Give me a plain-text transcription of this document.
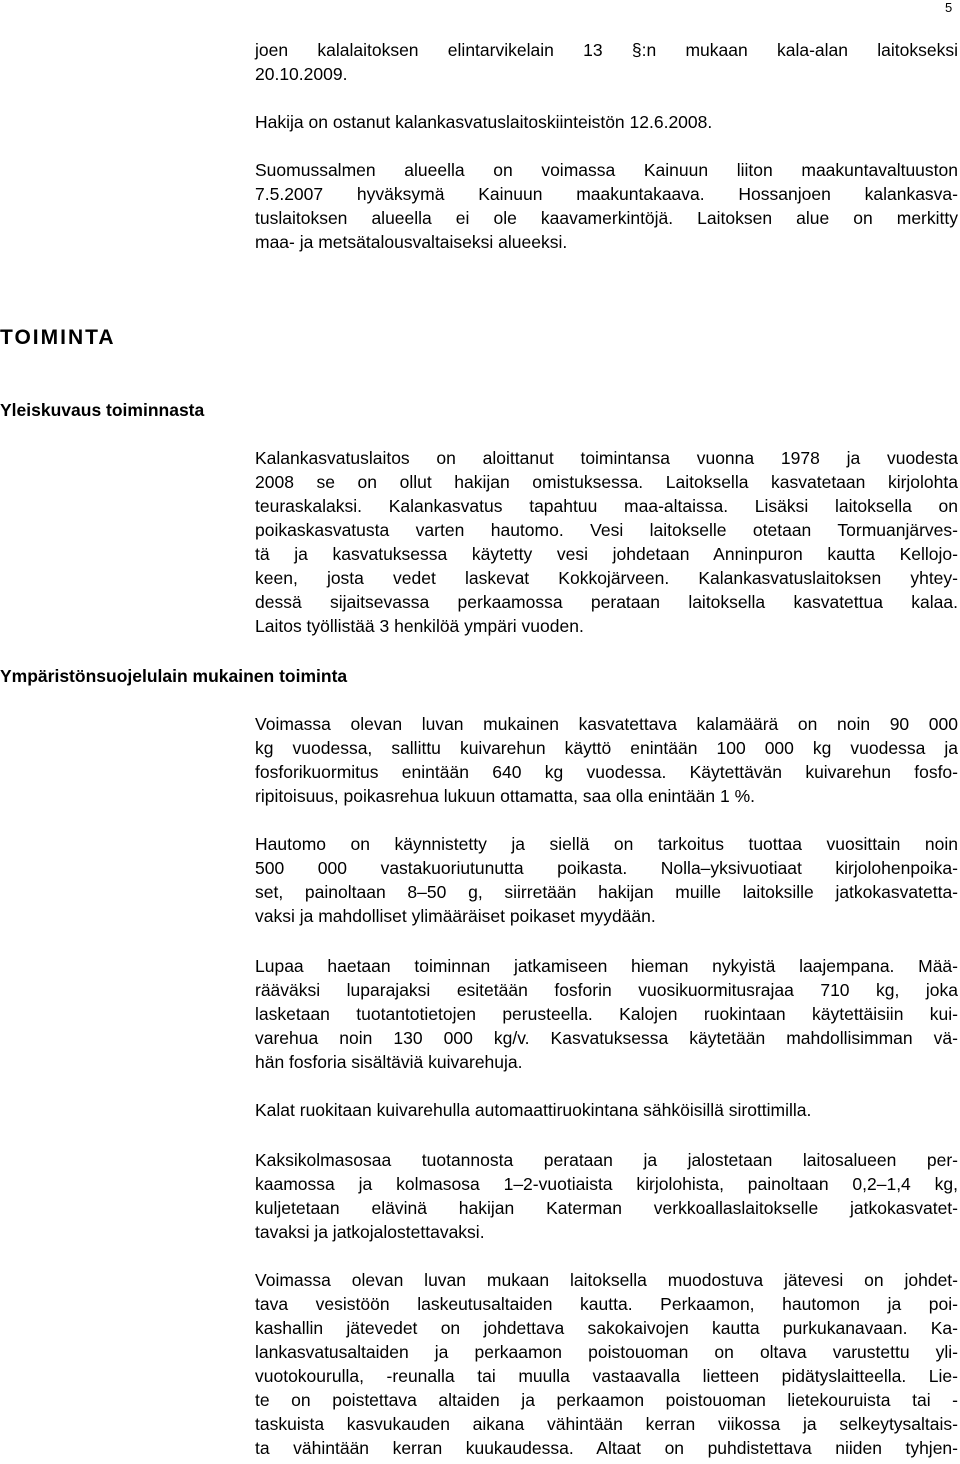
5

joen kalalaitoksen elintarvikelain 13 §:n mukaan kala-alan laitokseksi
20.10.2009.

Hakija on ostanut kalankasvatuslaitoskiinteistön 12.6.2008.

Suomussalmen alueella on voimassa Kainuun liiton maakuntavaltuuston
7.5.2007 hyväksymä Kainuun maakuntakaava. Hossanjoen kalankasva-
tuslaitoksen alueella ei ole kaavamerkintöjä. Laitoksen alue on merkitty
maa- ja metsätalousvaltaiseksi alueeksi.

TOIMINTA
Yleiskuvaus toiminnasta

Kalankasvatuslaitos on aloittanut toimintansa vuonna 1978 ja vuodesta
2008 se on ollut hakijan omistuksessa. Laitoksella kasvatetaan kirjolohta
teuraskalaksi. Kalankasvatus tapahtuu maa-altaissa. Lisäksi laitoksella on
poikaskasvatusta varten hautomo. Vesi laitokselle otetaan Tormuanjärves-
tä ja kasvatuksessa käytetty vesi johdetaan Anninpuron kautta Kellojo-
keen, josta vedet laskevat Kokkojärveen. Kalankasvatuslaitoksen yhtey-
dessä sijaitsevassa perkaamossa perataan laitoksella kasvatettua kalaa.
Laitos työllistää 3 henkilöä ympäri vuoden.

Ympäristönsuojelulain mukainen toiminta

Voimassa olevan luvan mukainen kasvatettava kalamäärä on noin 90 000
kg vuodessa, sallittu kuivarehun käyttö enintään 100 000 kg vuodessa ja
fosforikuormitus enintään 640 kg vuodessa. Käytettävän kuivarehun fosfo-
ripitoisuus, poikasrehua lukuun ottamatta, saa olla enintään 1 %.

Hautomo on käynnistetty ja siellä on tarkoitus tuottaa vuosittain noin
500 000 vastakuoriutunutta poikasta. Nolla–yksivuotiaat kirjolohenpoika-
set, painoltaan 8–50 g, siirretään hakijan muille laitoksille jatkokasvatetta-
vaksi ja mahdolliset ylimääräiset poikaset myydään.

Lupaa haetaan toiminnan jatkamiseen hieman nykyistä laajempana. Mää-
rääväksi luparajaksi esitetään fosforin vuosikuormitusrajaa 710 kg, joka
lasketaan tuotantotietojen perusteella. Kalojen ruokintaan käytettäisiin kui-
varehua noin 130 000 kg/v. Kasvatuksessa käytetään mahdollisimman vä-
hän fosforia sisältäviä kuivarehuja.

Kalat ruokitaan kuivarehulla automaattiruokintana sähköisillä sirottimilla.

Kaksikolmasosaa tuotannosta perataan ja jalostetaan laitosalueen per-
kaamossa ja kolmasosa 1–2-vuotiaista kirjolohista, painoltaan 0,2–1,4 kg,
kuljetetaan elävinä hakijan Katerman verkkoallaslaitokselle jatkokasvatet-
tavaksi ja jatkojalostettavaksi.

Voimassa olevan luvan mukaan laitoksella muodostuva jätevesi on johdet-
tava vesistöön laskeutusaltaiden kautta. Perkaamon, hautomon ja poi-
kashallin jätevedet on johdettava sakokaivojen kautta purkukanavaan. Ka-
lankasvatusaltaiden ja perkaamon poistouoman on oltava varustettu yli-
vuotokourulla, -reunalla tai muulla vastaavalla lietteen pidätyslaitteella. Lie-
te on poistettava altaiden ja perkaamon poistouoman lietekouruista tai -
taskuista kasvukauden aikana vähintään kerran viikossa ja selkeytysaltais-
ta vähintään kerran kuukaudessa. Altaat on puhdistettava niiden tyhjen-
